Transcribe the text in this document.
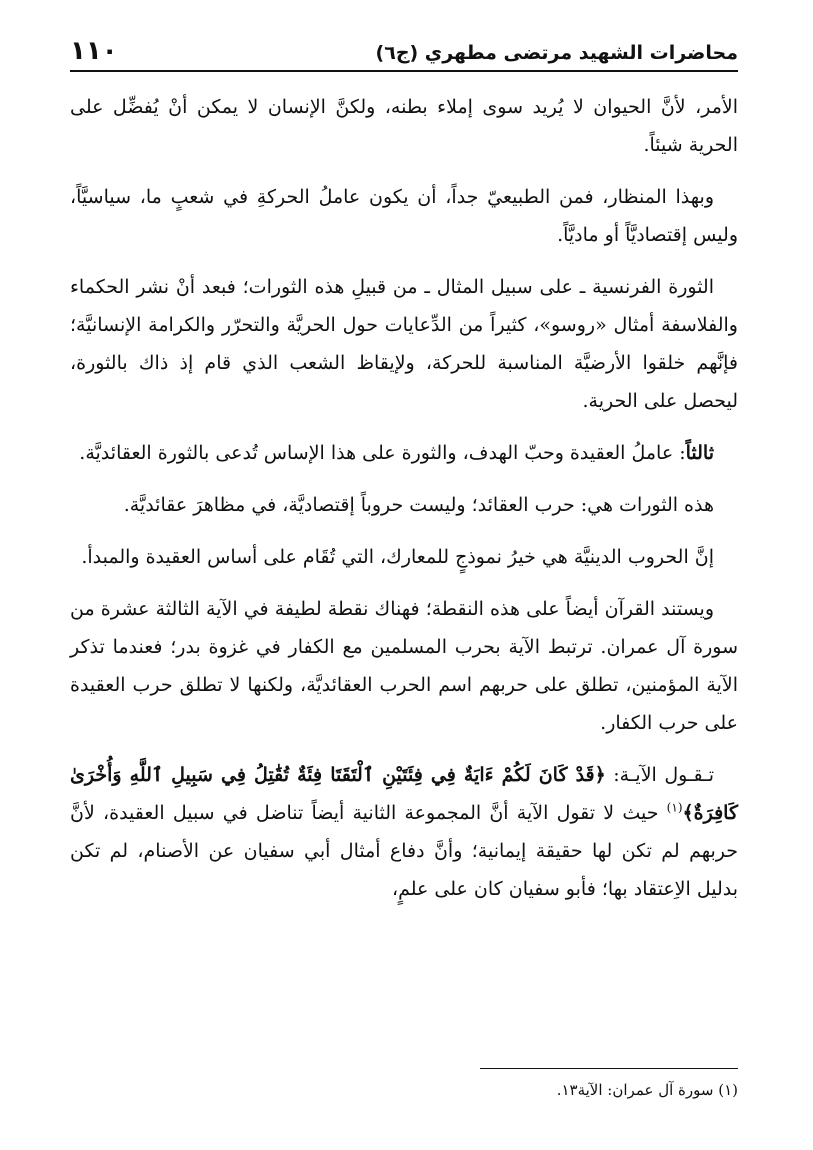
محاضرات الشهيد مرتضى مطهري (ج٦)
١١٠

الأمر، لأنَّ الحيوان لا يُريد سوى إملاء بطنه، ولكنَّ الإنسان لا يمكن أنْ يُفضِّل على الحرية شيئاً.

وبهذا المنظار، فمن الطبيعيّ جداً، أن يكون عاملُ الحركةِ في شعبٍ ما، سياسيَّاً، وليس إقتصاديَّاً أو ماديَّاً.

الثورة الفرنسية ـ على سبيل المثال ـ من قبيلِ هذه الثورات؛ فبعد أنْ نشر الحكماء والفلاسفة أمثال «روسو»، كثيراً من الدِّعايات حول الحريَّة والتحرّر والكرامة الإنسانيَّة؛ فإنَّهم خلقوا الأرضيَّة المناسبة للحركة، ولإيقاظ الشعب الذي قام إذ ذاك بالثورة، ليحصل على الحرية.

ثالثاً: عاملُ العقيدة وحبّ الهدف، والثورة على هذا الإساس تُدعى بالثورة العقائديَّة.

هذه الثورات هي: حرب العقائد؛ وليست حروباً إقتصاديَّة، في مظاهرَ عقائديَّة.

إنَّ الحروب الدينيَّة هي خيرُ نموذجٍ للمعارك، التي تُقَام على أساس العقيدة والمبدأ.

ويستند القرآن أيضاً على هذه النقطة؛ فهناك نقطة لطيفة في الآية الثالثة عشرة من سورة آل عمران. ترتبط الآية بحرب المسلمين مع الكفار في غزوة بدر؛ فعندما تذكر الآية المؤمنين، تطلق على حربهم اسم الحرب العقائديَّة، ولكنها لا تطلق حرب العقيدة على حرب الكفار.

تـقـول الآيـة: ﴿قَدْ كَانَ لَكُمْ ءَايَةٌ فِي فِئَتَيْنِ ٱلْتَقَتَا فِئَةٌ تُقَٰتِلُ فِي سَبِيلِ ٱللَّهِ وَأُخْرَىٰ كَافِرَةٌ﴾$^{(١)}$ حيث لا تقول الآية أنَّ المجموعة الثانية أيضاً تناضل في سبيل العقيدة، لأنَّ حربهم لم تكن لها حقيقة إيمانية؛ وأنَّ دفاع أمثال أبي سفيان عن الأصنام، لم تكن بدليل الاِعتقاد بها؛ فأبو سفيان كان على علمٍ،

(١) سورة آل عمران: الآية١٣.
